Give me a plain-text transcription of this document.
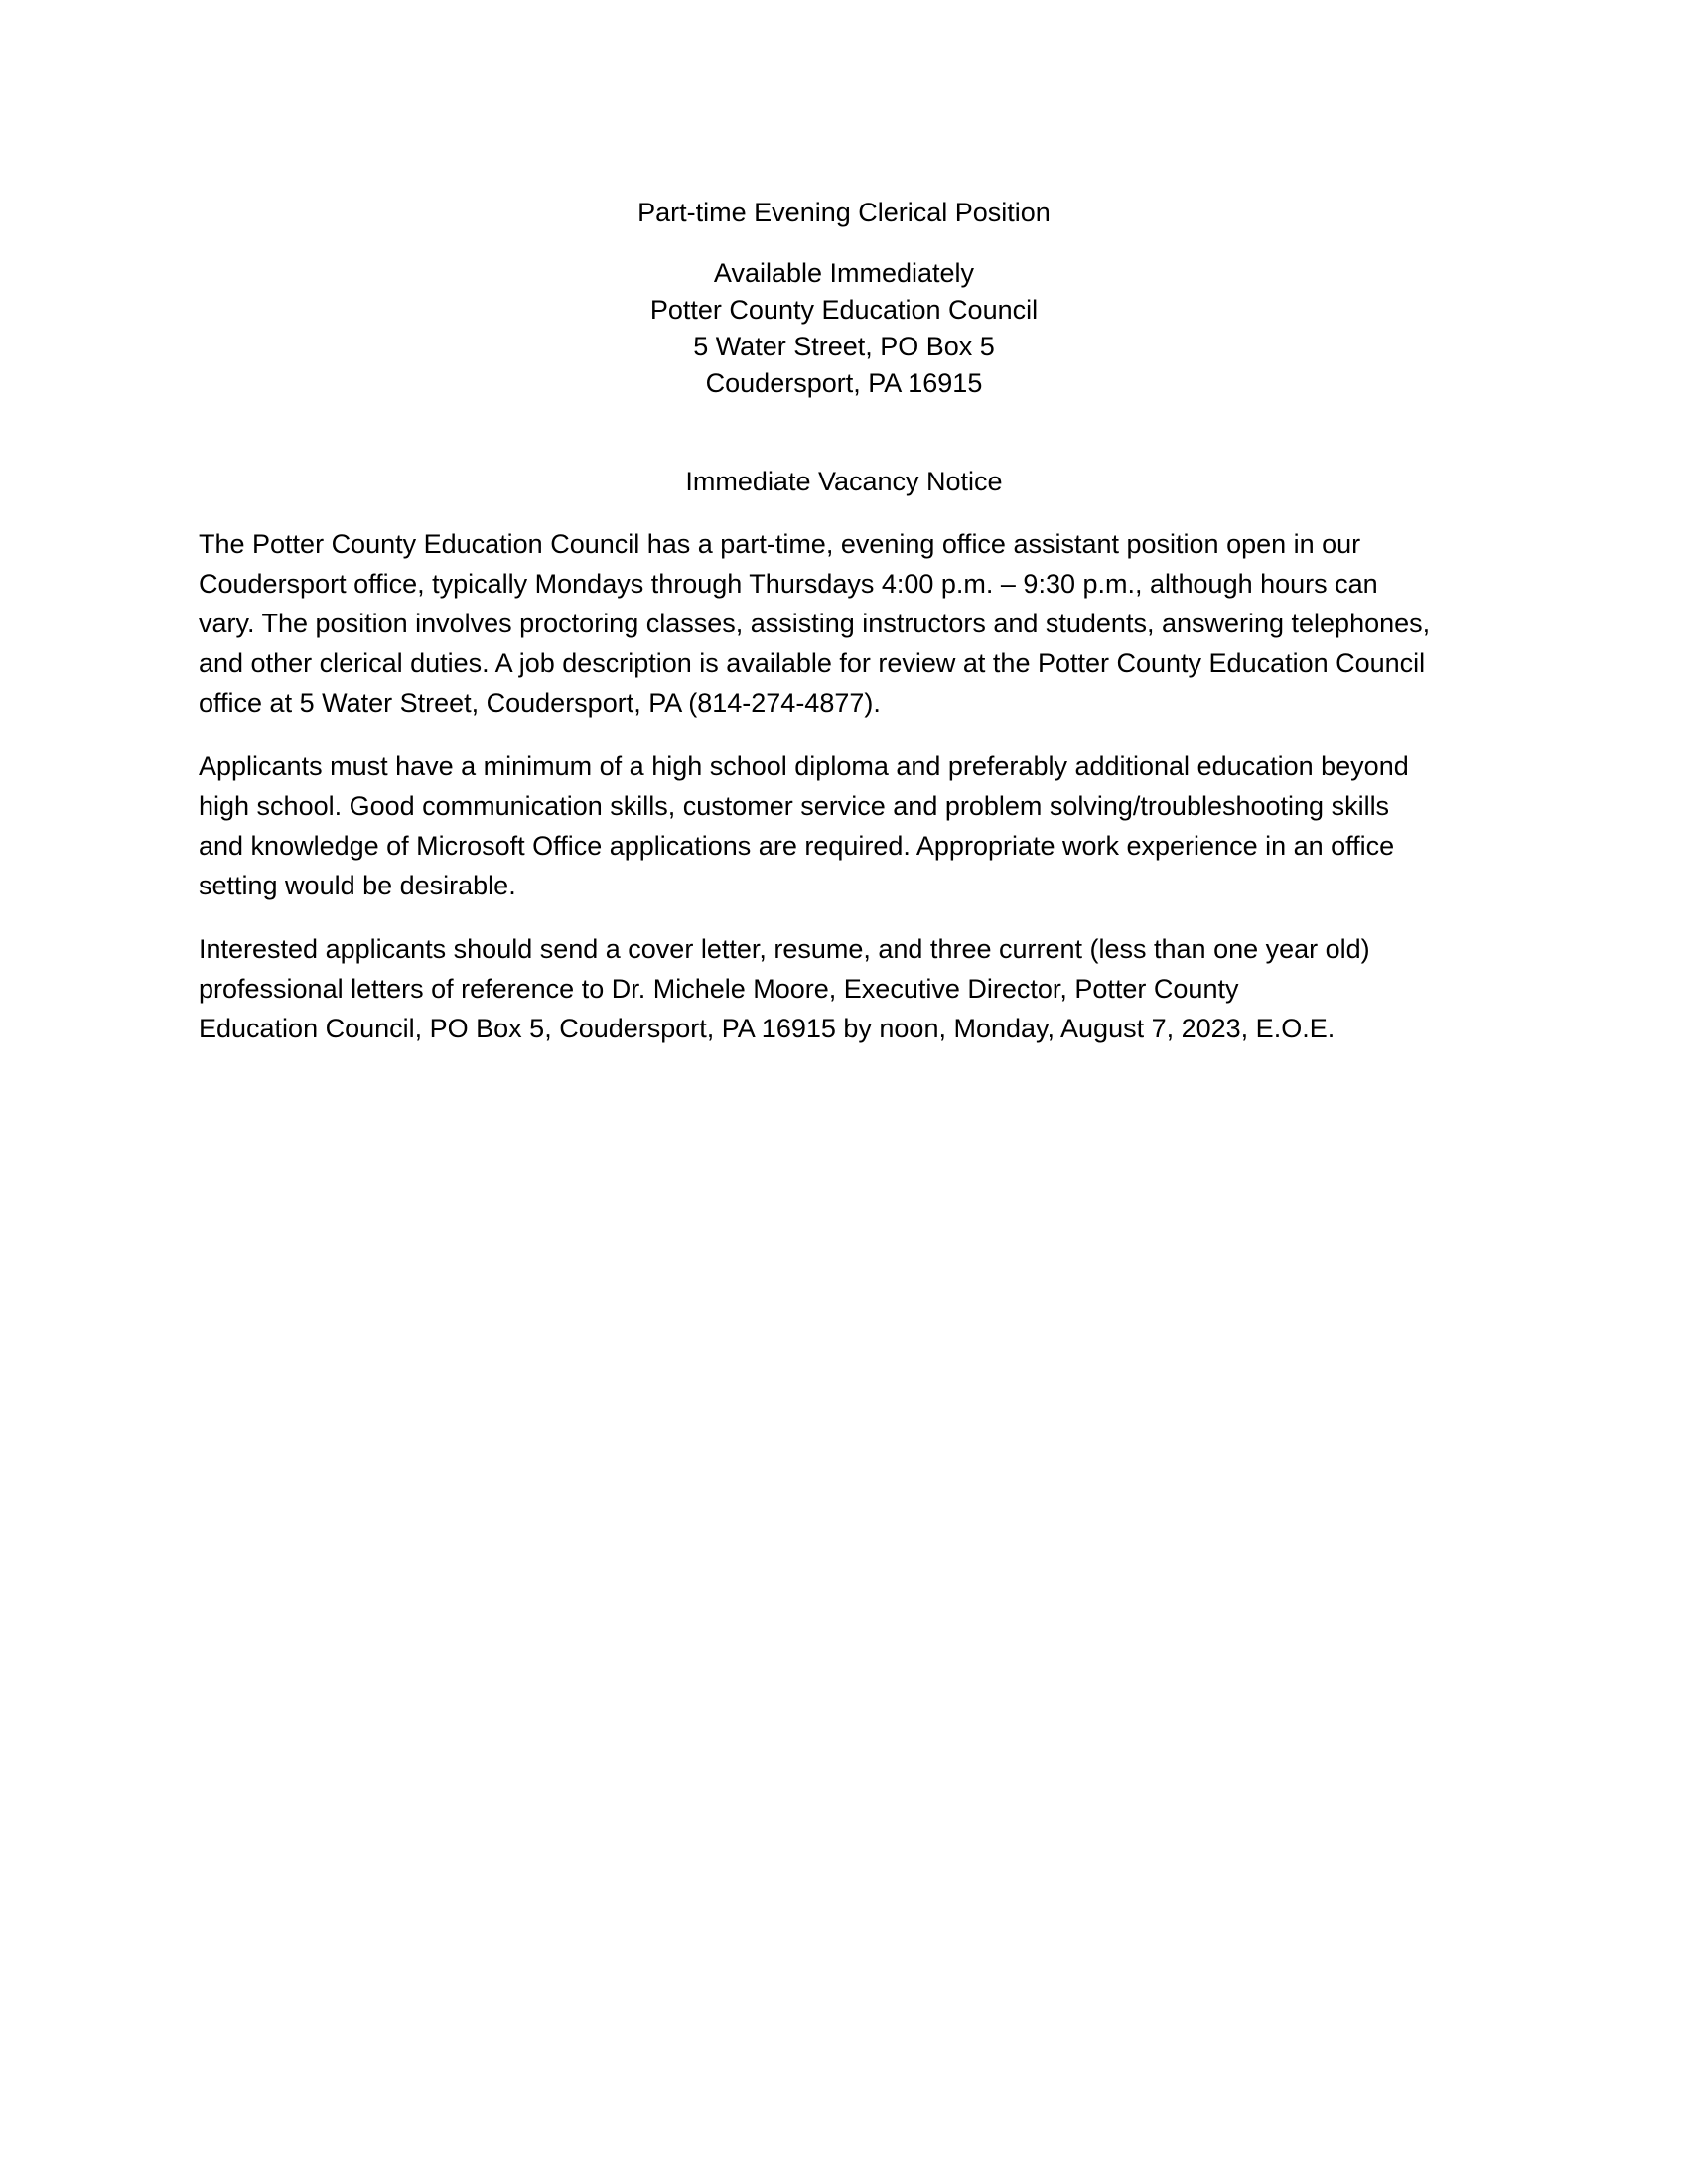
Part-time Evening Clerical Position

Available Immediately

Potter County Education Council

5 Water Street, PO Box 5

Coudersport, PA 16915

Immediate Vacancy Notice

The Potter County Education Council has a part-time, evening office assistant position open in our
Coudersport office, typically Mondays through Thursdays 4:00 p.m. – 9:30 p.m., although hours can
vary. The position involves proctoring classes, assisting instructors and students, answering telephones,
and other clerical duties. A job description is available for review at the Potter County Education Council
office at 5 Water Street, Coudersport, PA (814-274-4877).

Applicants must have a minimum of a high school diploma and preferably additional education beyond
high school. Good communication skills, customer service and problem solving/troubleshooting skills
and knowledge of Microsoft Office applications are required. Appropriate work experience in an office
setting would be desirable.

Interested applicants should send a cover letter, resume, and three current (less than one year old)
professional letters of reference to Dr. Michele Moore, Executive Director, Potter County
Education Council, PO Box 5, Coudersport, PA 16915 by noon, Monday, August 7, 2023, E.O.E.
